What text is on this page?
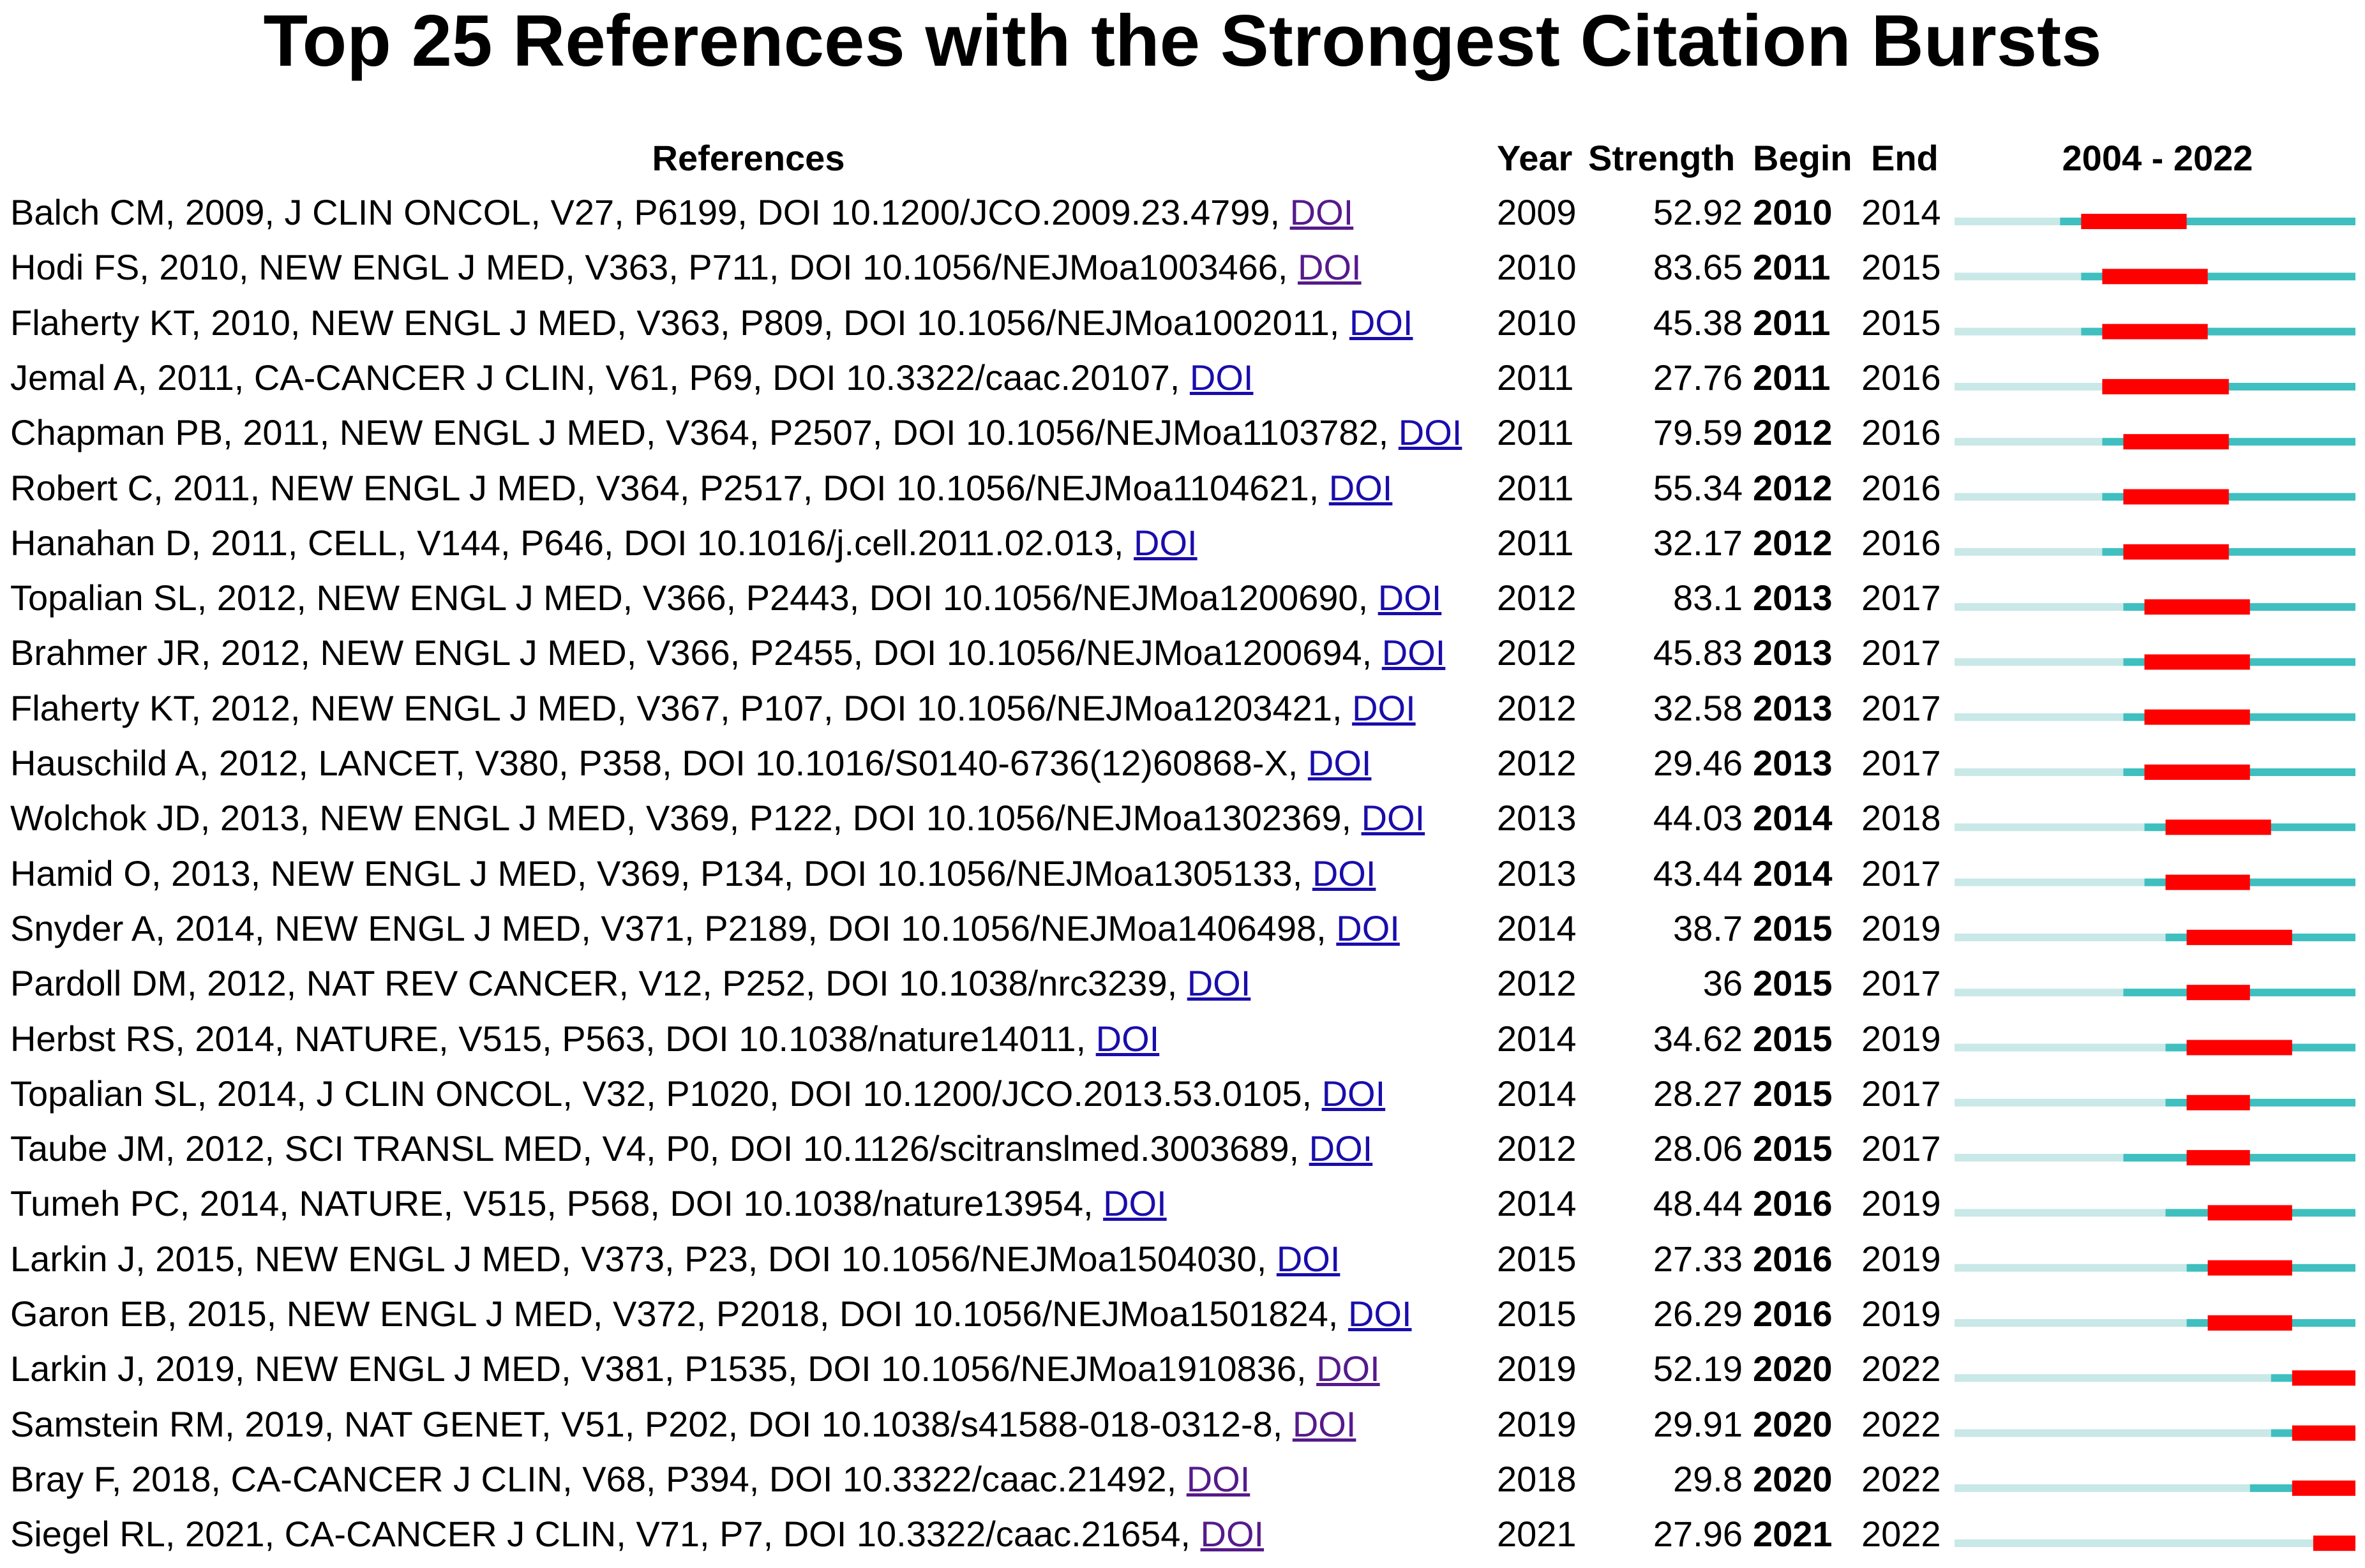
Top 25 References with the Strongest Citation Bursts
References	Year Strength Begin End	2004 - 2022
Balch CM, 2009, J CLIN ONCOL, V27, P6199, DOI 10.1200/JCO.2009.23.4799, DOI	2009	52.92 2010 2014
Hodi FS, 2010, NEW ENGL J MED, V363, P711, DOI 10.1056/NEJMoa1003466, DOI	2010	83.65 2011 2015
Flaherty KT, 2010, NEW ENGL J MED, V363, P809, DOI 10.1056/NEJMoa1002011, DOI 2010	45.38 2011 2015
Jemal A, 2011, CA-CANCER J CLIN, V61, P69, DOI 10.3322/caac.20107, DOI	2011	27.76 2011 2016
Chapman PB, 2011, NEW ENGL J MED, V364, P2507, DOI 10.1056/NEJMoa1103782, DOI 2011	79.59 2012 2016
Robert C, 2011, NEW ENGL J MED, V364, P2517, DOI 10.1056/NEJMoa1104621, DOI	2011	55.34 2012 2016
Hanahan D, 2011, CELL, V144, P646, DOI 10.1016/j.cell.2011.02.013, DOI	2011	32.17 2012 2016
Topalian SL, 2012, NEW ENGL J MED, V366, P2443, DOI 10.1056/NEJMoa1200690, DOI 2012	83.1 2013 2017
Brahmer JR, 2012, NEW ENGL J MED, V366, P2455, DOI 10.1056/NEJMoa1200694, DOI 2012	45.83 2013 2017
Flaherty KT, 2012, NEW ENGL J MED, V367, P107, DOI 10.1056/NEJMoa1203421, DOI 2012	32.58 2013 2017
Hauschild A, 2012, LANCET, V380, P358, DOI 10.1016/S0140-6736(12)60868-X, DOI	2012	29.46 2013 2017
Wolchok JD, 2013, NEW ENGL J MED, V369, P122, DOI 10.1056/NEJMoa1302369, DOI 2013	44.03 2014 2018
Hamid O, 2013, NEW ENGL J MED, V369, P134, DOI 10.1056/NEJMoa1305133, DOI	2013	43.44 2014 2017
Snyder A, 2014, NEW ENGL J MED, V371, P2189, DOI 10.1056/NEJMoa1406498, DOI	2014	38.7 2015 2019
Pardoll DM, 2012, NAT REV CANCER, V12, P252, DOI 10.1038/nrc3239, DOI	2012	36 2015 2017
Herbst RS, 2014, NATURE, V515, P563, DOI 10.1038/nature14011, DOI	2014	34.62 2015 2019
Topalian SL, 2014, J CLIN ONCOL, V32, P1020, DOI 10.1200/JCO.2013.53.0105, DOI	2014	28.27 2015 2017
Taube JM, 2012, SCI TRANSL MED, V4, P0, DOI 10.1126/scitranslmed.3003689, DOI	2012	28.06 2015 2017
Tumeh PC, 2014, NATURE, V515, P568, DOI 10.1038/nature13954, DOI	2014	48.44 2016 2019
Larkin J, 2015, NEW ENGL J MED, V373, P23, DOI 10.1056/NEJMoa1504030, DOI	2015	27.33 2016 2019
Garon EB, 2015, NEW ENGL J MED, V372, P2018, DOI 10.1056/NEJMoa1501824, DOI 2015	26.29 2016 2019
Larkin J, 2019, NEW ENGL J MED, V381, P1535, DOI 10.1056/NEJMoa1910836, DOI	2019	52.19 2020 2022
Samstein RM, 2019, NAT GENET, V51, P202, DOI 10.1038/s41588-018-0312-8, DOI	2019	29.91 2020 2022
Bray F, 2018, CA-CANCER J CLIN, V68, P394, DOI 10.3322/caac.21492, DOI	2018	29.8 2020 2022
Siegel RL, 2021, CA-CANCER J CLIN, V71, P7, DOI 10.3322/caac.21654, DOI	2021	27.96 2021 2022
